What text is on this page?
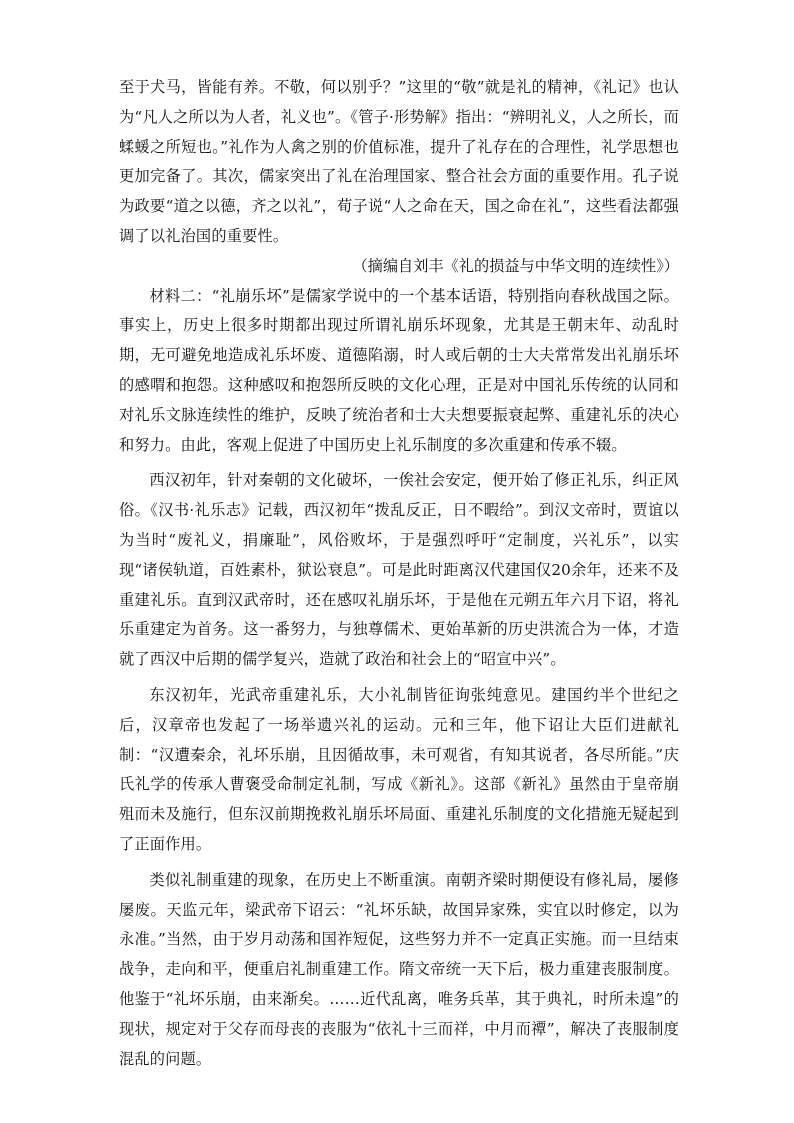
至于犬马，皆能有养。不敬，何以别乎？”这里的“敬”就是礼的精神，《礼记》也认为“凡人之所以为人者，礼义也”。《管子·形势解》指出：“辨明礼义，人之所长，而蝚蝯之所短也。”礼作为人禽之别的价值标准，提升了礼存在的合理性，礼学思想也更加完备了。其次，儒家突出了礼在治理国家、整合社会方面的重要作用。孔子说为政要“道之以德，齐之以礼”，荀子说“人之命在天，国之命在礼”，这些看法都强调了以礼治国的重要性。

（摘编自刘丰《礼的损益与中华文明的连续性》）

材料二：“礼崩乐坏”是儒家学说中的一个基本话语，特别指向春秋战国之际。事实上，历史上很多时期都出现过所谓礼崩乐坏现象，尤其是王朝末年、动乱时期，无可避免地造成礼乐坏废、道德陷溺，时人或后朝的士大夫常常发出礼崩乐坏的感喟和抱怨。这种感叹和抱怨所反映的文化心理，正是对中国礼乐传统的认同和对礼乐文脉连续性的维护，反映了统治者和士大夫想要振衰起弊、重建礼乐的决心和努力。由此，客观上促进了中国历史上礼乐制度的多次重建和传承不辍。

西汉初年，针对秦朝的文化破坏，一俟社会安定，便开始了修正礼乐，纠正风俗。《汉书·礼乐志》记载，西汉初年“拨乱反正，日不暇给”。到汉文帝时，贾谊以为当时“废礼义，捐廉耻”，风俗败坏，于是强烈呼吁“定制度，兴礼乐”，以实现“诸侯轨道，百姓素朴，狱讼衰息”。可是此时距离汉代建国仅20余年，还来不及重建礼乐。直到汉武帝时，还在感叹礼崩乐坏，于是他在元朔五年六月下诏，将礼乐重建定为首务。这一番努力，与独尊儒术、更始革新的历史洪流合为一体，才造就了西汉中后期的儒学复兴，造就了政治和社会上的“昭宣中兴”。

东汉初年，光武帝重建礼乐，大小礼制皆征询张纯意见。建国约半个世纪之后，汉章帝也发起了一场举遗兴礼的运动。元和三年，他下诏让大臣们进献礼制：“汉遭秦余，礼坏乐崩，且因循故事，未可观省，有知其说者，各尽所能。”庆氏礼学的传承人曹褒受命制定礼制，写成《新礼》。这部《新礼》虽然由于皇帝崩殂而未及施行，但东汉前期挽救礼崩乐坏局面、重建礼乐制度的文化措施无疑起到了正面作用。

类似礼制重建的现象，在历史上不断重演。南朝齐梁时期便设有修礼局，屡修屡废。天监元年，梁武帝下诏云：“礼坏乐缺，故国异家殊，实宜以时修定，以为永准。”当然，由于岁月动荡和国祚短促，这些努力并不一定真正实施。而一旦结束战争，走向和平，便重启礼制重建工作。隋文帝统一天下后，极力重建丧服制度。他鉴于“礼坏乐崩，由来渐矣。……近代乱离，唯务兵革，其于典礼，时所未遑”的现状，规定对于父存而母丧的丧服为“依礼十三而祥，中月而禫”，解决了丧服制度混乱的问题。
